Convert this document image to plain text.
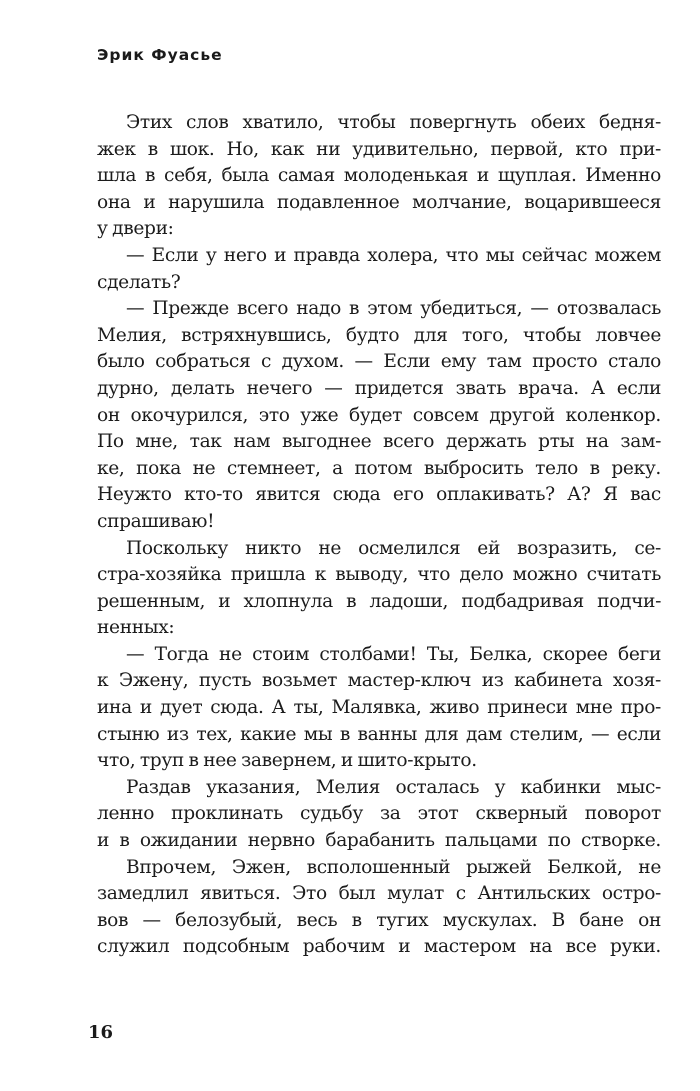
Эрик Фуасье
Этих слов хватило, чтобы повергнуть обеих бедня-
жек в шок. Но, как ни удивительно, первой, кто при-
шла в себя, была самая молоденькая и щуплая. Именно
она и нарушила подавленное молчание, воцарившееся
у двери:
— Если у него и правда холера, что мы сейчас можем
сделать?
— Прежде всего надо в этом убедиться, — отозвалась
Мелия, встряхнувшись, будто для того, чтобы ловчее
было собраться с духом. — Если ему там просто стало
дурно, делать нечего — придется звать врача. А если
он окочурился, это уже будет совсем другой коленкор.
По мне, так нам выгоднее всего держать рты на зам-
ке, пока не стемнеет, а потом выбросить тело в реку.
Неужто кто-то явится сюда его оплакивать? А? Я вас
спрашиваю!
Поскольку никто не осмелился ей возразить, се-
стра-хозяйка пришла к выводу, что дело можно считать
решенным, и хлопнула в ладоши, подбадривая подчи-
ненных:
— Тогда не стоим столбами! Ты, Белка, скорее беги
к Эжену, пусть возьмет мастер-ключ из кабинета хозя-
ина и дует сюда. А ты, Малявка, живо принеси мне про-
стыню из тех, какие мы в ванны для дам стелим, — если
что, труп в нее завернем, и шито-крыто.
Раздав указания, Мелия осталась у кабинки мыс-
ленно проклинать судьбу за этот скверный поворот
и в ожидании нервно барабанить пальцами по створке.
Впрочем, Эжен, всполошенный рыжей Белкой, не
замедлил явиться. Это был мулат с Антильских остро-
вов — белозубый, весь в тугих мускулах. В бане он
служил подсобным рабочим и мастером на все руки.
16
